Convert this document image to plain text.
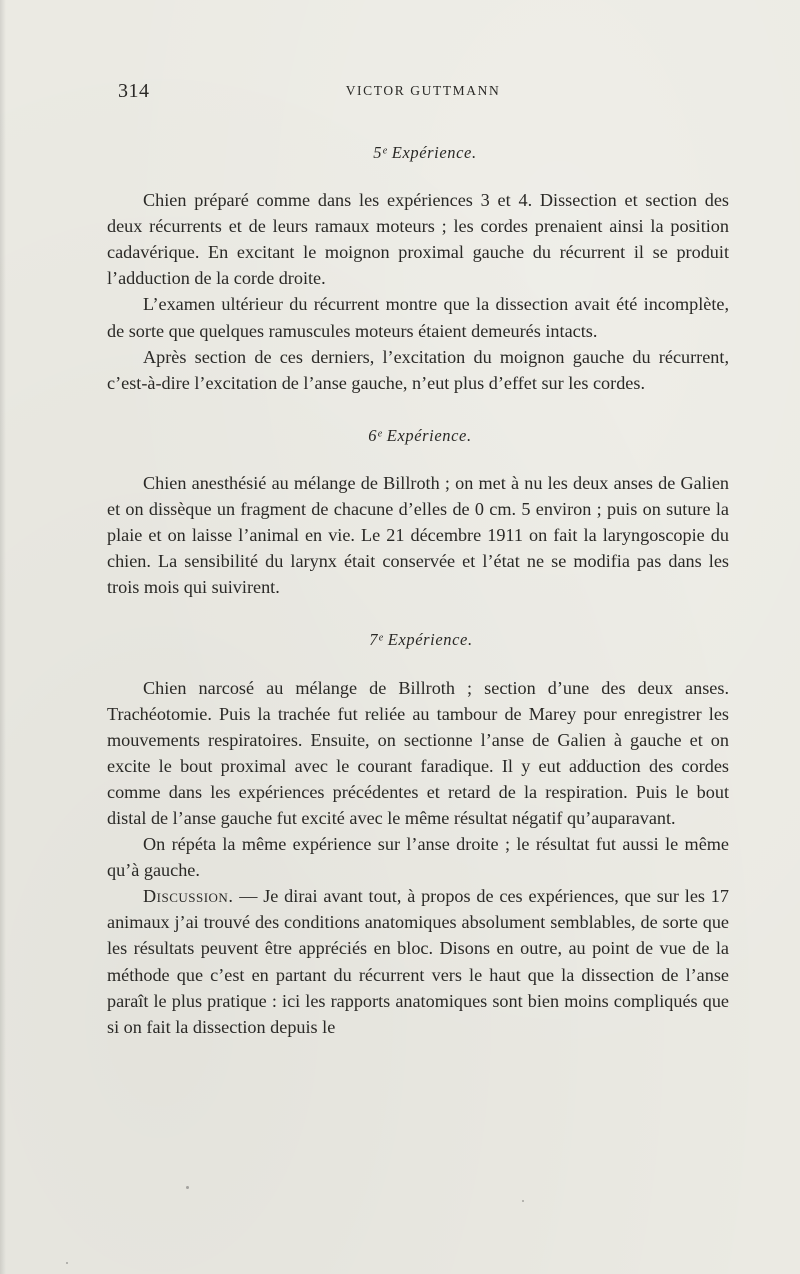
314	VICTOR GUTTMANN
5ᵉ Expérience.

Chien préparé comme dans les expériences 3 et 4. Dissection et section des deux récurrents et de leurs ramaux moteurs ; les cordes prenaient ainsi la position cadavérique. En excitant le moignon proximal gauche du récurrent il se produit l’adduction de la corde droite.

L’examen ultérieur du récurrent montre que la dissection avait été incomplète, de sorte que quelques ramuscules moteurs étaient demeurés intacts.

Après section de ces derniers, l’excitation du moignon gauche du récurrent, c’est-à-dire l’excitation de l’anse gauche, n’eut plus d’effet sur les cordes.

6ᵉ Expérience.

Chien anesthésié au mélange de Billroth ; on met à nu les deux anses de Galien et on dissèque un fragment de chacune d’elles de 0 cm. 5 environ ; puis on suture la plaie et on laisse l’animal en vie. Le 21 décembre 1911 on fait la laryngoscopie du chien. La sensibilité du larynx était conservée et l’état ne se modifia pas dans les trois mois qui suivirent.

7ᵉ Expérience.

Chien narcosé au mélange de Billroth ; section d’une des deux anses. Trachéotomie. Puis la trachée fut reliée au tambour de Marey pour enregistrer les mouvements respiratoires. Ensuite, on sectionne l’anse de Galien à gauche et on excite le bout proximal avec le courant faradique. Il y eut adduction des cordes comme dans les expériences précédentes et retard de la respiration. Puis le bout distal de l’anse gauche fut excité avec le même résultat négatif qu’auparavant.

On répéta la même expérience sur l’anse droite ; le résultat fut aussi le même qu’à gauche.

Discussion. — Je dirai avant tout, à propos de ces expériences, que sur les 17 animaux j’ai trouvé des conditions anatomiques absolument semblables, de sorte que les résultats peuvent être appréciés en bloc. Disons en outre, au point de vue de la méthode que c’est en partant du récurrent vers le haut que la dissection de l’anse paraît le plus pratique : ici les rapports anatomiques sont bien moins compliqués que si on fait la dissection depuis le
